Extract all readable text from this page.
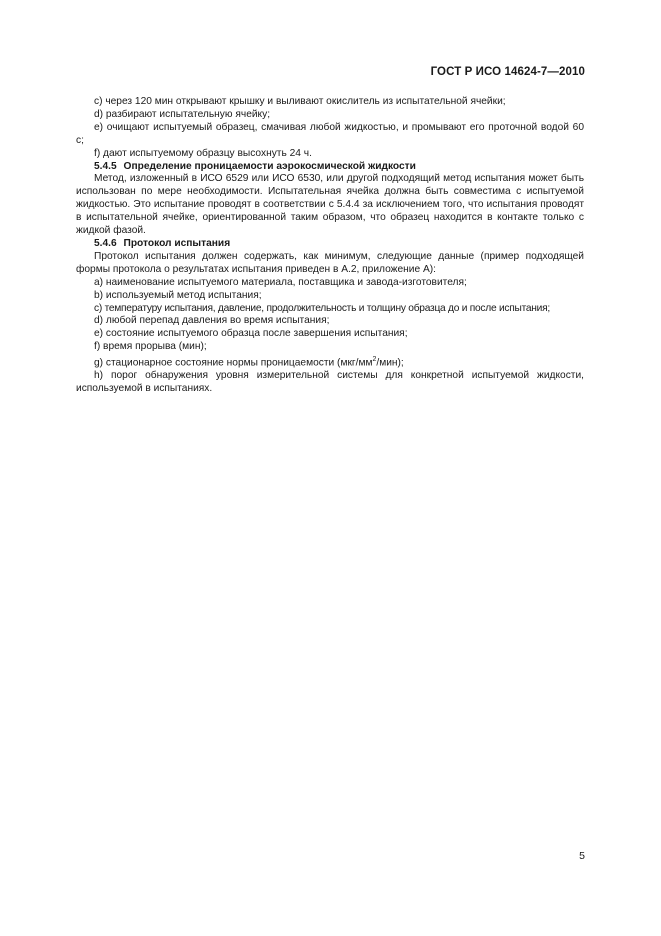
ГОСТ Р ИСО 14624-7—2010

c) через 120 мин открывают крышку и выливают окислитель из испытательной ячейки;

d) разбирают испытательную ячейку;

e) очищают испытуемый образец, смачивая любой жидкостью, и промывают его проточной водой 60 с;

f) дают испытуемому образцу высохнуть 24 ч.

5.4.5 Определение проницаемости аэрокосмической жидкости

Метод, изложенный в ИСО 6529 или ИСО 6530, или другой подходящий метод испытания может быть использован по мере необходимости. Испытательная ячейка должна быть совместима с испытуемой жидкостью. Это испытание проводят в соответствии с 5.4.4 за исключением того, что испытания проводят в испытательной ячейке, ориентированной таким образом, что образец находится в контакте только с жидкой фазой.

5.4.6 Протокол испытания

Протокол испытания должен содержать, как минимум, следующие данные (пример подходящей формы протокола о результатах испытания приведен в А.2, приложение А):

a) наименование испытуемого материала, поставщика и завода-изготовителя;

b) используемый метод испытания;

c) температуру испытания, давление, продолжительность и толщину образца до и после испытания;

d) любой перепад давления во время испытания;

e) состояние испытуемого образца после завершения испытания;

f) время прорыва (мин);

g) стационарное состояние нормы проницаемости $(мкг/мм^2/мин)$;

h) порог обнаружения уровня измерительной системы для конкретной испытуемой жидкости, используемой в испытаниях.

5
